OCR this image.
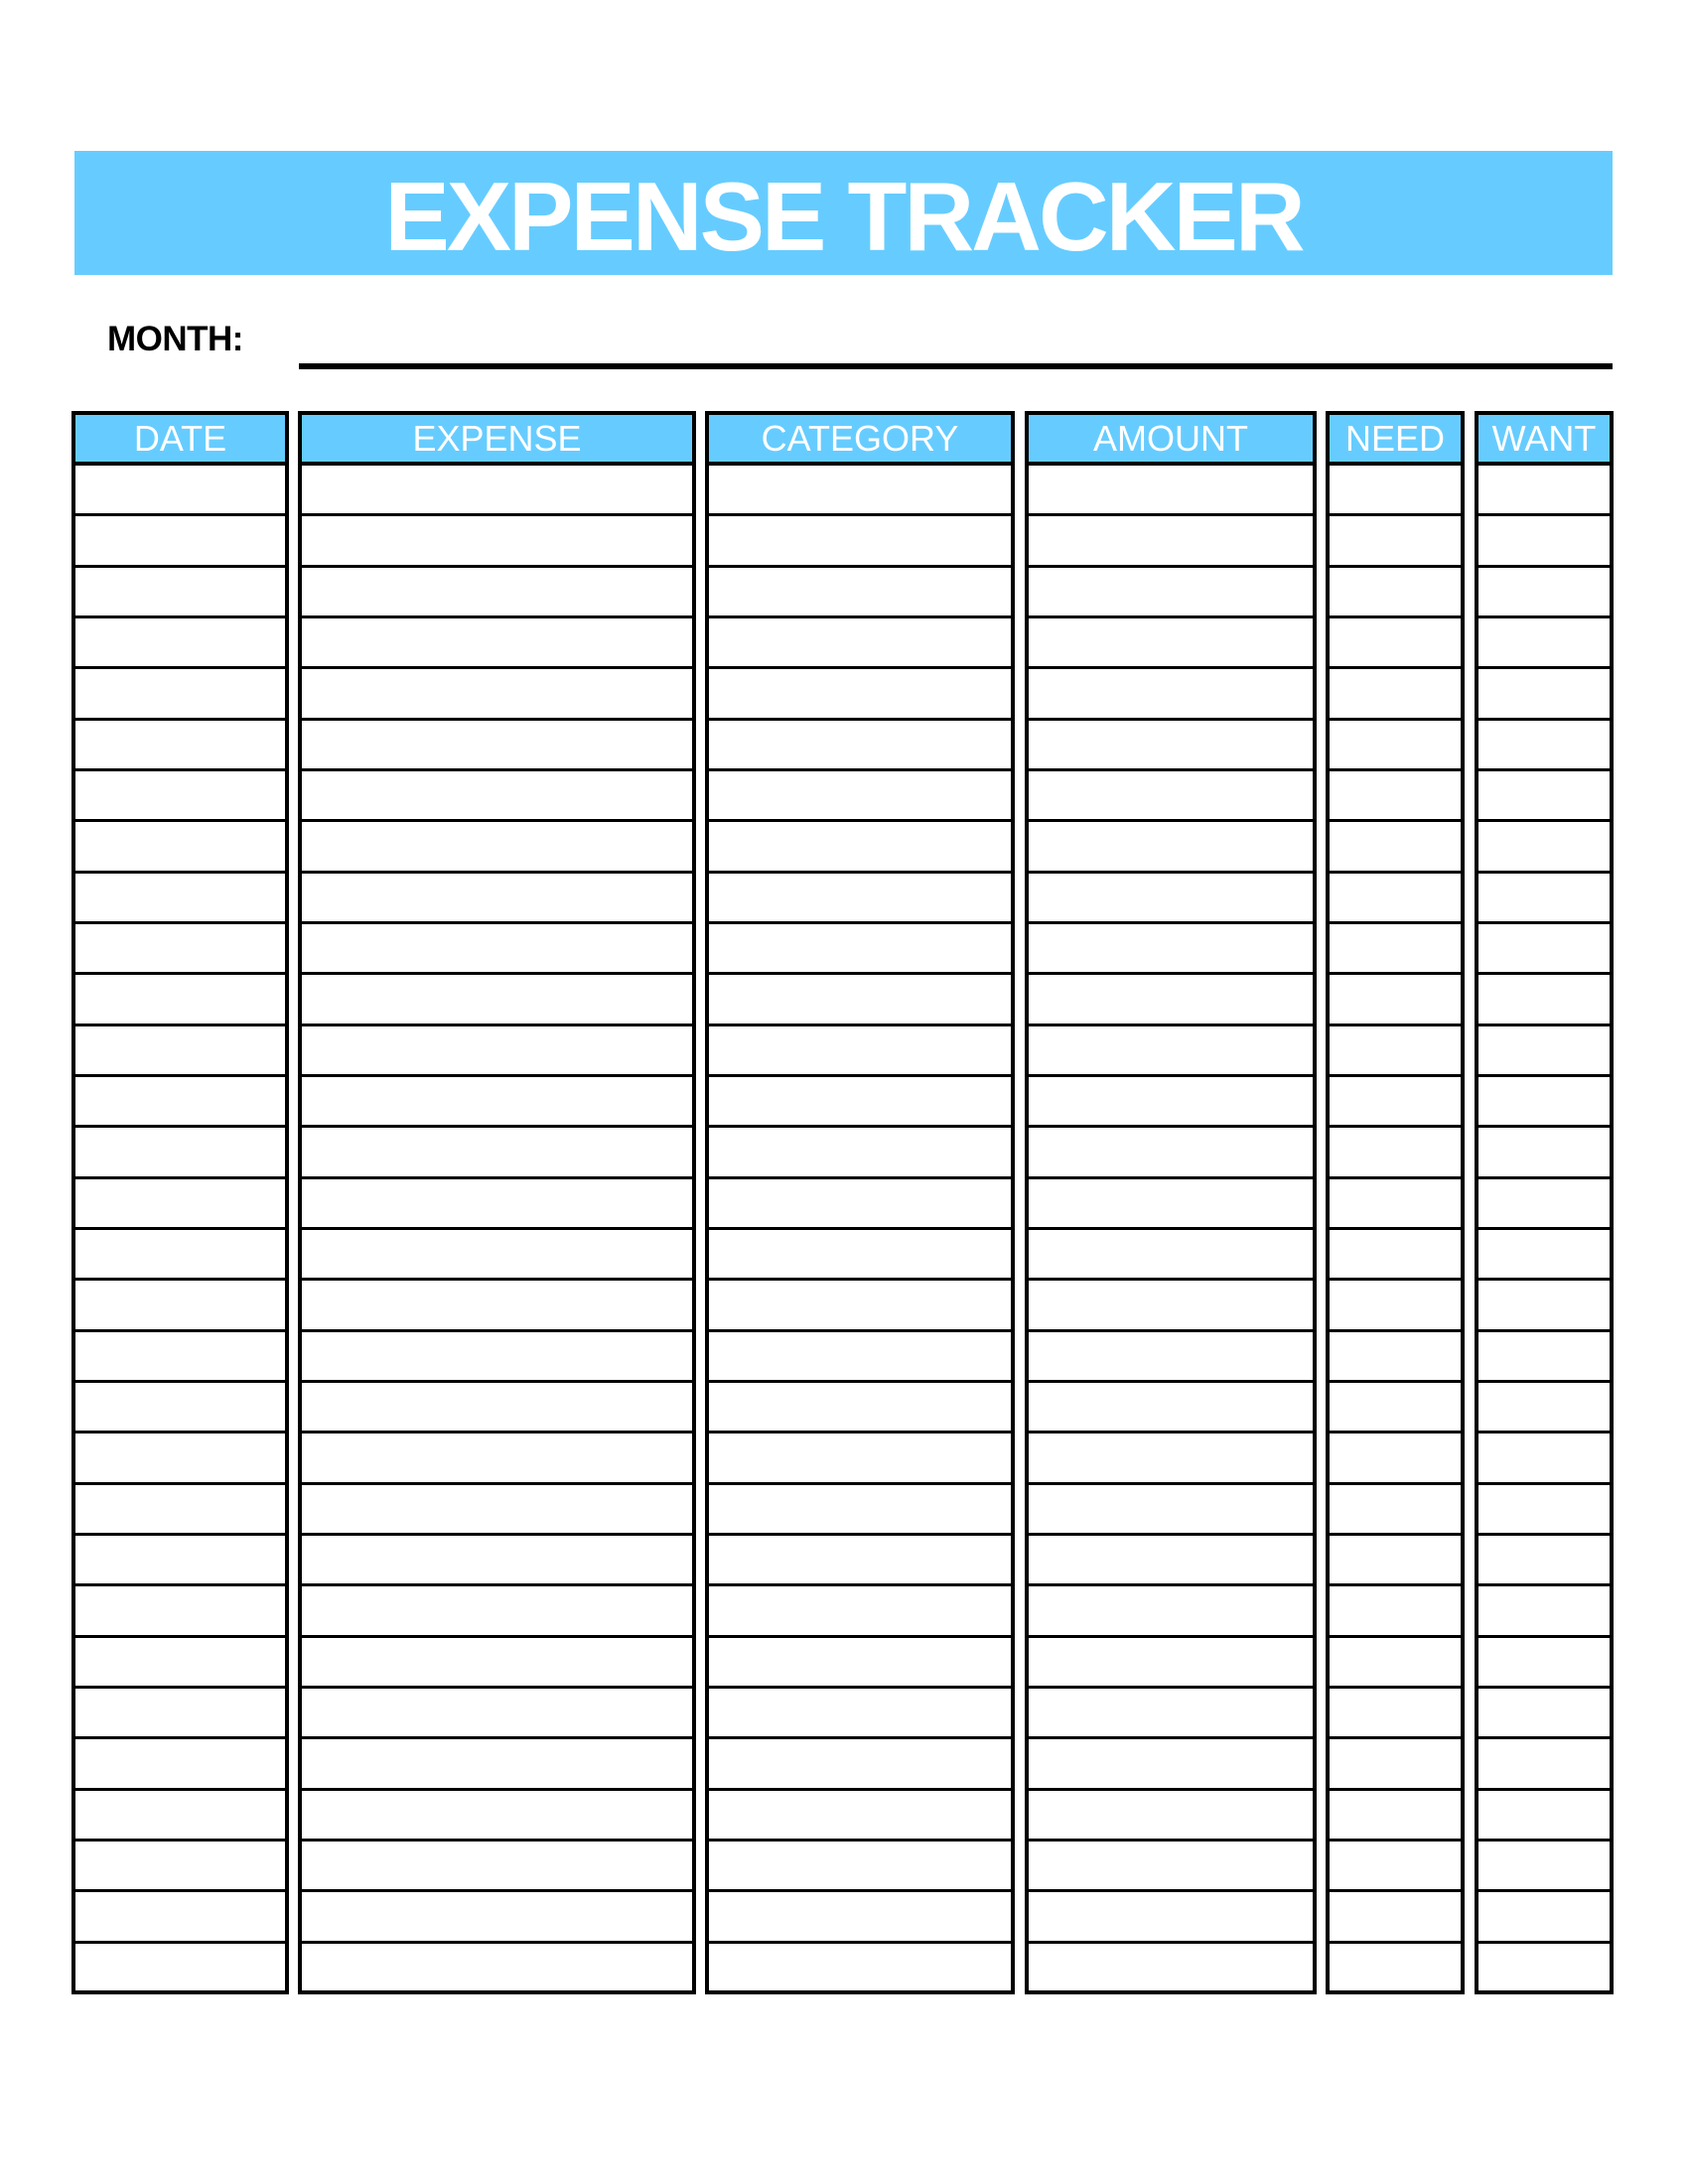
EXPENSE TRACKER
MONTH:
DATE	EXPENSE	CATEGORY	AMOUNT	NEED	WANT
